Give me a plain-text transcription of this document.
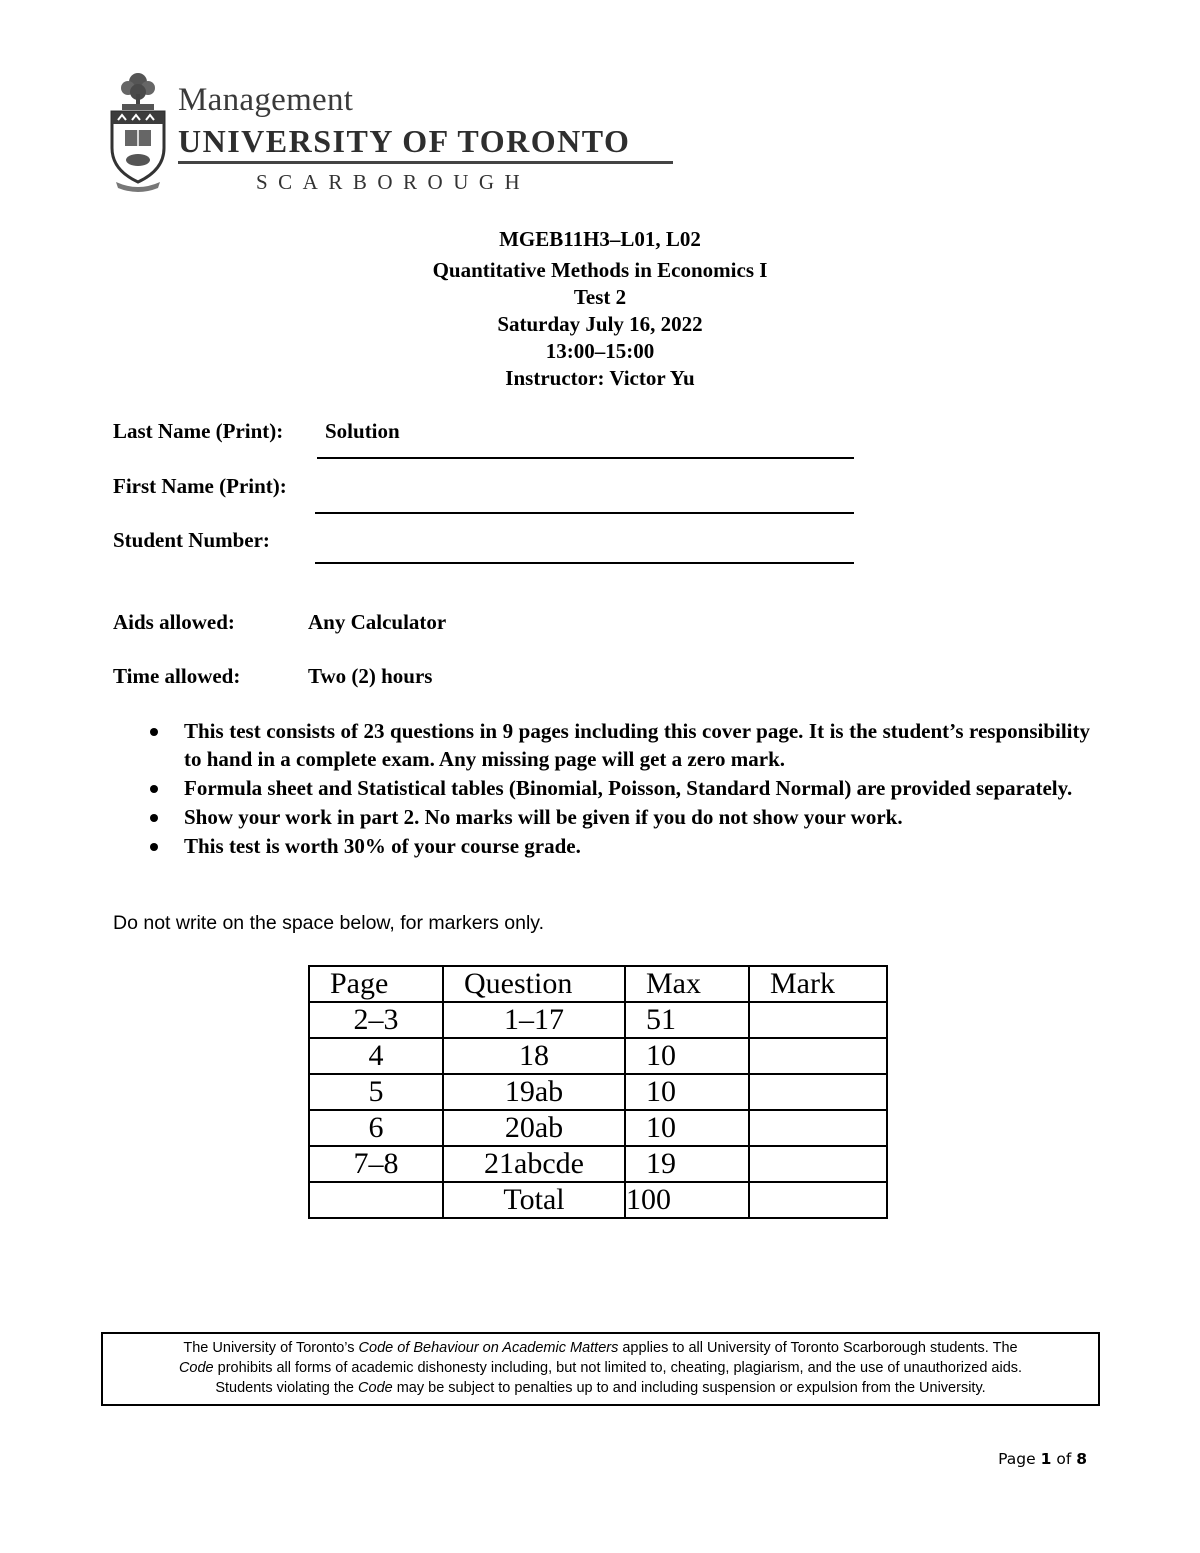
Management
UNIVERSITY OF TORONTO
SCARBOROUGH
MGEB11H3–L01, L02
Quantitative Methods in Economics I
Test 2
Saturday July 16, 2022
13:00–15:00
Instructor: Victor Yu
Last Name (Print): Solution
First Name (Print):
Student Number:
Aids allowed:	Any Calculator
Time allowed:	Two (2) hours
This test consists of 23 questions in 9 pages including this cover page. It is the student’s responsibility to hand in a complete exam. Any missing page will get a zero mark.
Formula sheet and Statistical tables (Binomial, Poisson, Standard Normal) are provided separately.
Show your work in part 2. No marks will be given if you do not show your work.
This test is worth 30% of your course grade.
Do not write on the space below, for markers only.
Page	Question	Max	Mark
2–3	1–17	51	
4	18	10	
5	19ab	10	
6	20ab	10	
7–8	21abcde	19	
	Total	100	
The University of Toronto’s Code of Behaviour on Academic Matters applies to all University of Toronto Scarborough students. The
Code prohibits all forms of academic dishonesty including, but not limited to, cheating, plagiarism, and the use of unauthorized aids.
Students violating the Code may be subject to penalties up to and including suspension or expulsion from the University.
Page 1 of 8
